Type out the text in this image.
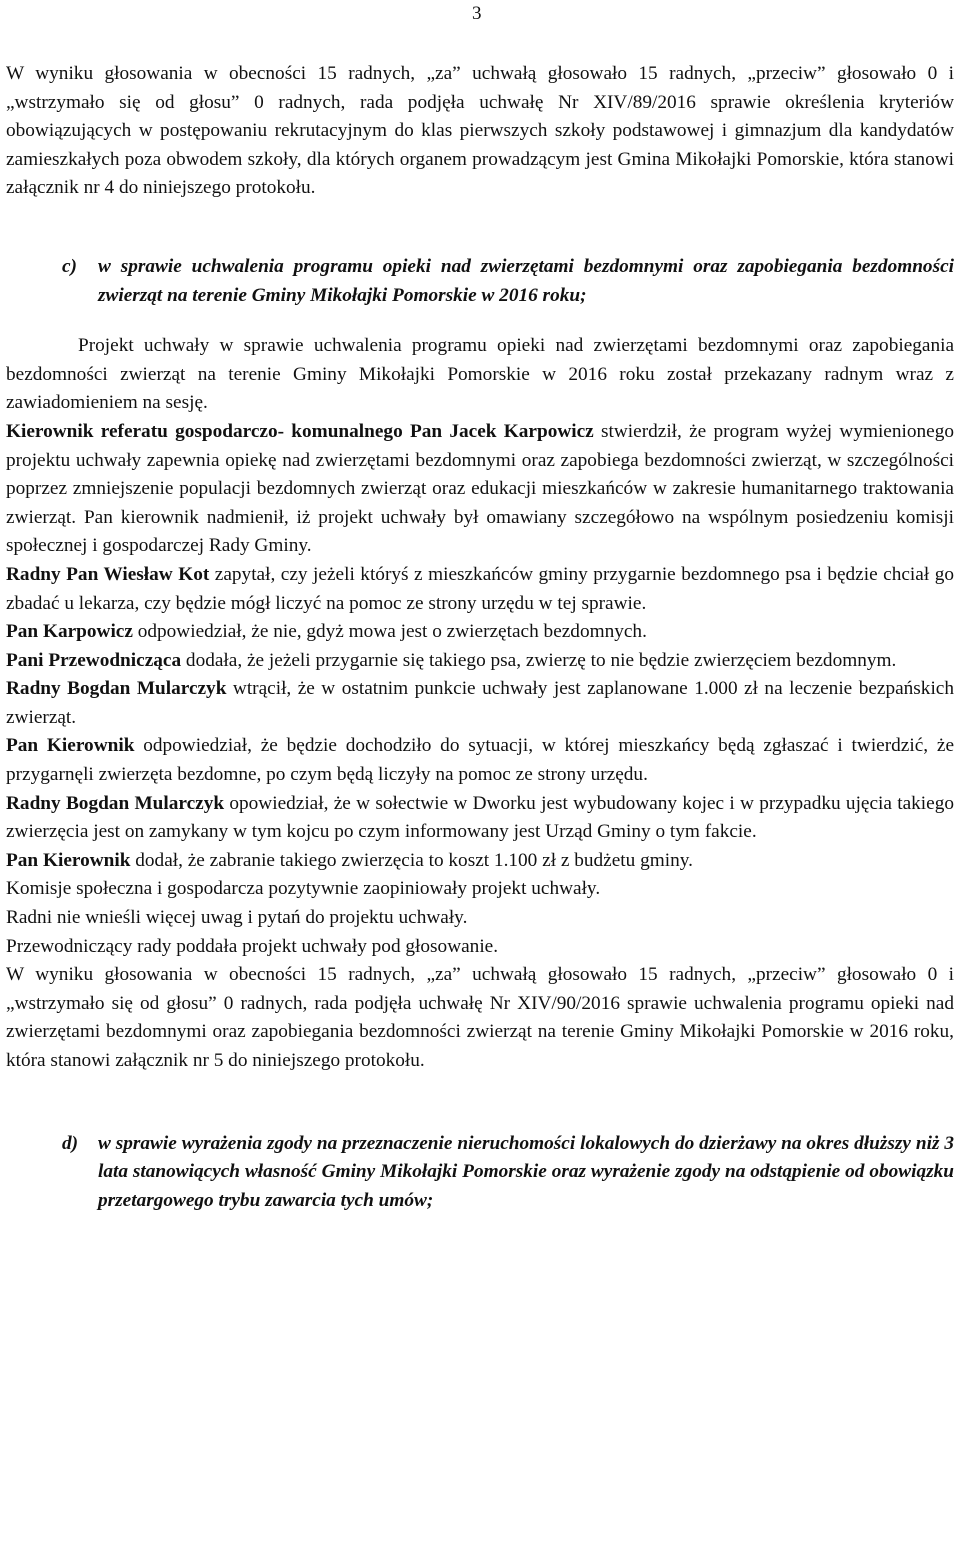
3

W wyniku głosowania w obecności 15 radnych, „za” uchwałą głosowało 15 radnych, „przeciw” głosowało 0 i „wstrzymało się od głosu” 0 radnych, rada podjęła uchwałę Nr XIV/89/2016 sprawie określenia kryteriów obowiązujących w postępowaniu rekrutacyjnym do klas pierwszych szkoły podstawowej i gimnazjum dla kandydatów zamieszkałych poza obwodem szkoły, dla których organem prowadzącym jest Gmina Mikołajki Pomorskie, która stanowi załącznik nr 4 do niniejszego protokołu.

c)	w sprawie uchwalenia programu opieki nad zwierzętami bezdomnymi oraz zapobiegania bezdomności zwierząt na terenie Gminy Mikołajki Pomorskie w 2016 roku;

Projekt uchwały w sprawie uchwalenia programu opieki nad zwierzętami bezdomnymi oraz zapobiegania bezdomności zwierząt na terenie Gminy Mikołajki Pomorskie w 2016 roku został przekazany radnym wraz z zawiadomieniem na sesję.

Kierownik referatu gospodarczo- komunalnego Pan Jacek Karpowicz stwierdził, że program wyżej wymienionego projektu uchwały zapewnia opiekę nad zwierzętami bezdomnymi oraz zapobiega bezdomności zwierząt, w szczególności poprzez zmniejszenie populacji bezdomnych zwierząt oraz edukacji mieszkańców w zakresie humanitarnego traktowania zwierząt. Pan kierownik nadmienił, iż projekt uchwały był omawiany szczegółowo na wspólnym posiedzeniu komisji społecznej i gospodarczej Rady Gminy.

Radny Pan Wiesław Kot zapytał, czy jeżeli któryś z mieszkańców gminy przygarnie bezdomnego psa i będzie chciał go zbadać u lekarza, czy będzie mógł liczyć na pomoc ze strony urzędu w tej sprawie.

Pan Karpowicz odpowiedział, że nie, gdyż mowa jest o zwierzętach bezdomnych.

Pani Przewodnicząca dodała, że jeżeli przygarnie się takiego psa, zwierzę to nie będzie zwierzęciem bezdomnym.

Radny Bogdan Mularczyk wtrącił, że w ostatnim punkcie uchwały jest zaplanowane 1.000 zł na leczenie bezpańskich zwierząt.

Pan Kierownik odpowiedział, że będzie dochodziło do sytuacji, w której mieszkańcy będą zgłaszać i twierdzić, że przygarnęli zwierzęta bezdomne, po czym będą liczyły na pomoc ze strony urzędu.

Radny Bogdan Mularczyk opowiedział, że w sołectwie w Dworku jest wybudowany kojec i w przypadku ujęcia takiego zwierzęcia jest on zamykany w tym kojcu po czym informowany jest Urząd Gminy o tym fakcie.

Pan Kierownik dodał, że zabranie takiego zwierzęcia to koszt 1.100 zł z budżetu gminy.

Komisje społeczna i gospodarcza pozytywnie zaopiniowały projekt uchwały.

Radni nie wnieśli więcej uwag i pytań do projektu uchwały.

Przewodniczący rady poddała projekt uchwały pod głosowanie.

W wyniku głosowania w obecności 15 radnych, „za” uchwałą głosowało 15 radnych, „przeciw” głosowało 0 i „wstrzymało się od głosu” 0 radnych, rada podjęła uchwałę Nr XIV/90/2016 sprawie uchwalenia programu opieki nad zwierzętami bezdomnymi oraz zapobiegania bezdomności zwierząt na terenie Gminy Mikołajki Pomorskie w 2016 roku, która stanowi załącznik nr 5 do niniejszego protokołu.

d)	w sprawie wyrażenia zgody na przeznaczenie nieruchomości lokalowych do dzierżawy na okres dłuższy niż 3 lata stanowiących własność Gminy Mikołajki Pomorskie oraz wyrażenie zgody na odstąpienie od obowiązku przetargowego trybu zawarcia tych umów;
